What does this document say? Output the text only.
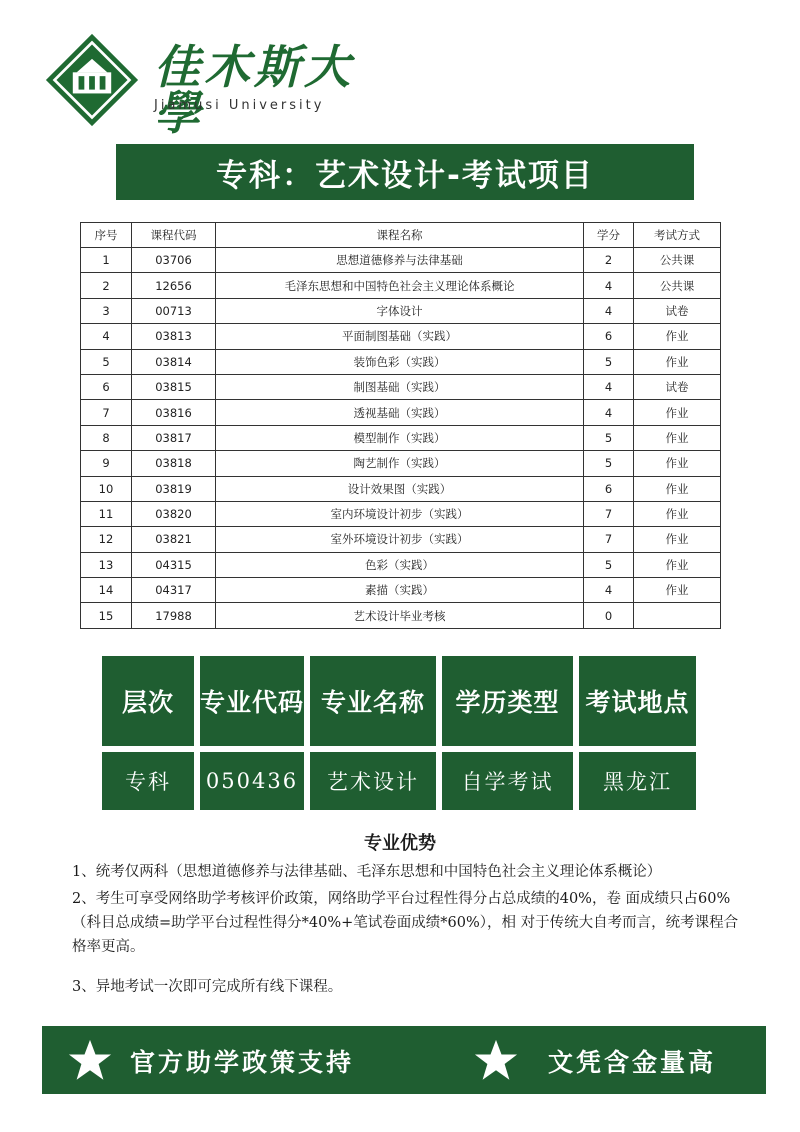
佳木斯大學
Jiamusi University
专科：艺术设计-考试项目
序号	课程代码	课程名称	学分	考试方式
1	03706	思想道德修养与法律基础	2	公共课
2	12656	毛泽东思想和中国特色社会主义理论体系概论	4	公共课
3	00713	字体设计	4	试卷
4	03813	平面制图基础（实践）	6	作业
5	03814	装饰色彩（实践）	5	作业
6	03815	制图基础（实践）	4	试卷
7	03816	透视基础（实践）	4	作业
8	03817	模型制作（实践）	5	作业
9	03818	陶艺制作（实践）	5	作业
10	03819	设计效果图（实践）	6	作业
11	03820	室内环境设计初步（实践）	7	作业
12	03821	室外环境设计初步（实践）	7	作业
13	04315	色彩（实践）	5	作业
14	04317	素描（实践）	4	作业
15	17988	艺术设计毕业考核	0	
层次	专业代码 专业名称	学历类型	考试地点
专科	050436	艺术设计	自学考试	黑龙江
专业优势

1、统考仅两科（思想道德修养与法律基础、毛泽东思想和中国特色社会主义理论体系概论）

2、考生可享受网络助学考核评价政策，网络助学平台过程性得分占总成绩的40%，卷 面成绩只占60%（科目总成绩=助学平台过程性得分*40%+笔试卷面成绩*60%），相 对于传统大自考而言，统考课程合格率更高。

3、异地考试一次即可完成所有线下课程。

官方助学政策支持	文凭含金量高
